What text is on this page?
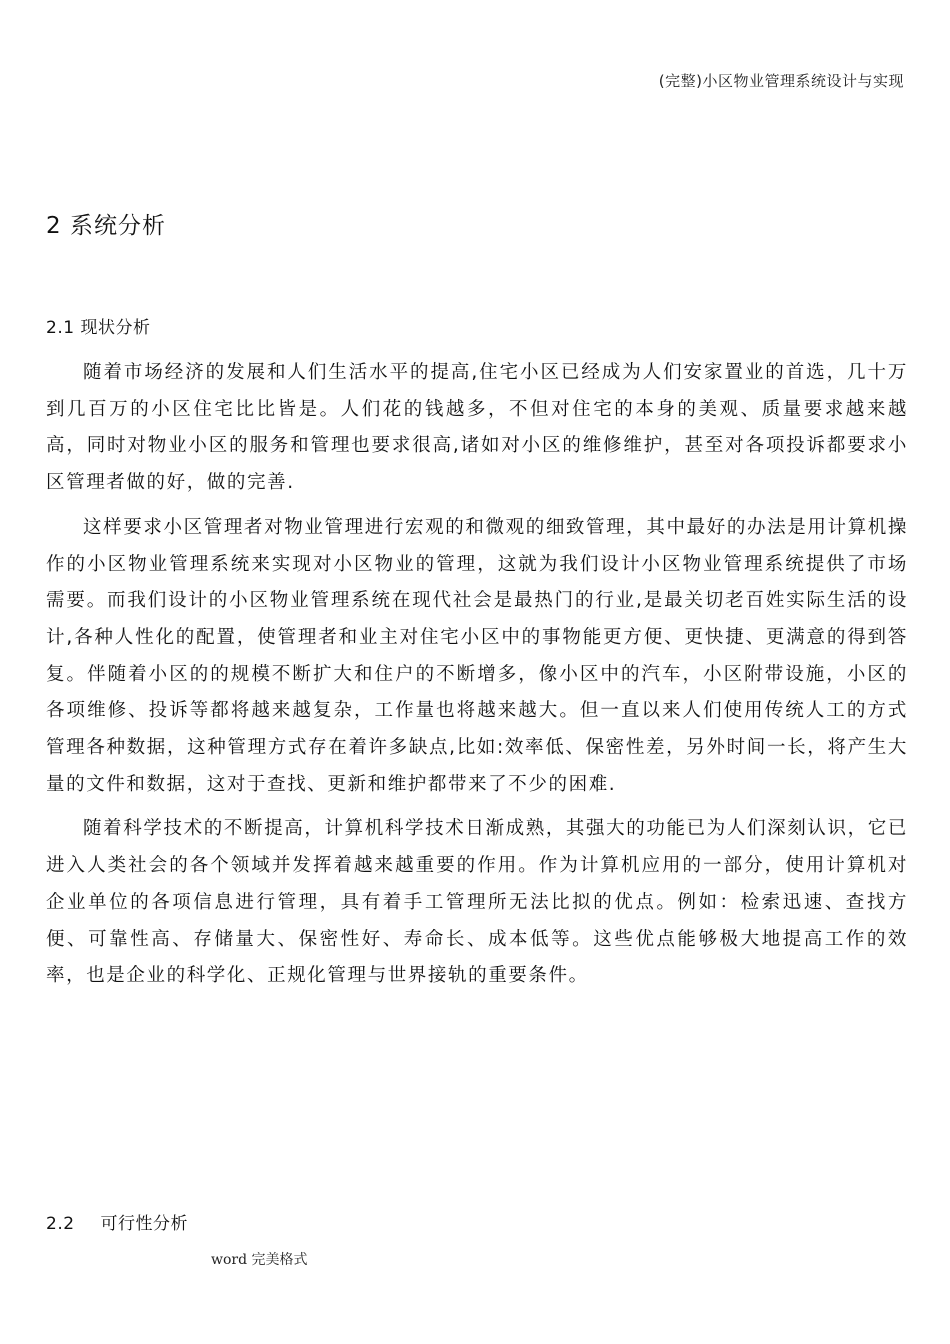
(完整)小区物业管理系统设计与实现
2 系统分析
2.1 现状分析

随着市场经济的发展和人们生活水平的提高,住宅小区已经成为人们安家置业的首选，几十万到几百万的小区住宅比比皆是。人们花的钱越多，不但对住宅的本身的美观、质量要求越来越高，同时对物业小区的服务和管理也要求很高,诸如对小区的维修维护，甚至对各项投诉都要求小区管理者做的好，做的完善.

这样要求小区管理者对物业管理进行宏观的和微观的细致管理，其中最好的办法是用计算机操作的小区物业管理系统来实现对小区物业的管理，这就为我们设计小区物业管理系统提供了市场需要。而我们设计的小区物业管理系统在现代社会是最热门的行业,是最关切老百姓实际生活的设计,各种人性化的配置，使管理者和业主对住宅小区中的事物能更方便、更快捷、更满意的得到答复。伴随着小区的的规模不断扩大和住户的不断增多，像小区中的汽车，小区附带设施，小区的各项维修、投诉等都将越来越复杂，工作量也将越来越大。但一直以来人们使用传统人工的方式管理各种数据，这种管理方式存在着许多缺点,比如:效率低、保密性差，另外时间一长，将产生大量的文件和数据，这对于查找、更新和维护都带来了不少的困难.

随着科学技术的不断提高，计算机科学技术日渐成熟，其强大的功能已为人们深刻认识，它已进入人类社会的各个领域并发挥着越来越重要的作用。作为计算机应用的一部分，使用计算机对企业单位的各项信息进行管理，具有着手工管理所无法比拟的优点。例如：检索迅速、查找方便、可靠性高、存储量大、保密性好、寿命长、成本低等。这些优点能够极大地提高工作的效率，也是企业的科学化、正规化管理与世界接轨的重要条件。

2.2 可行性分析
word 完美格式
